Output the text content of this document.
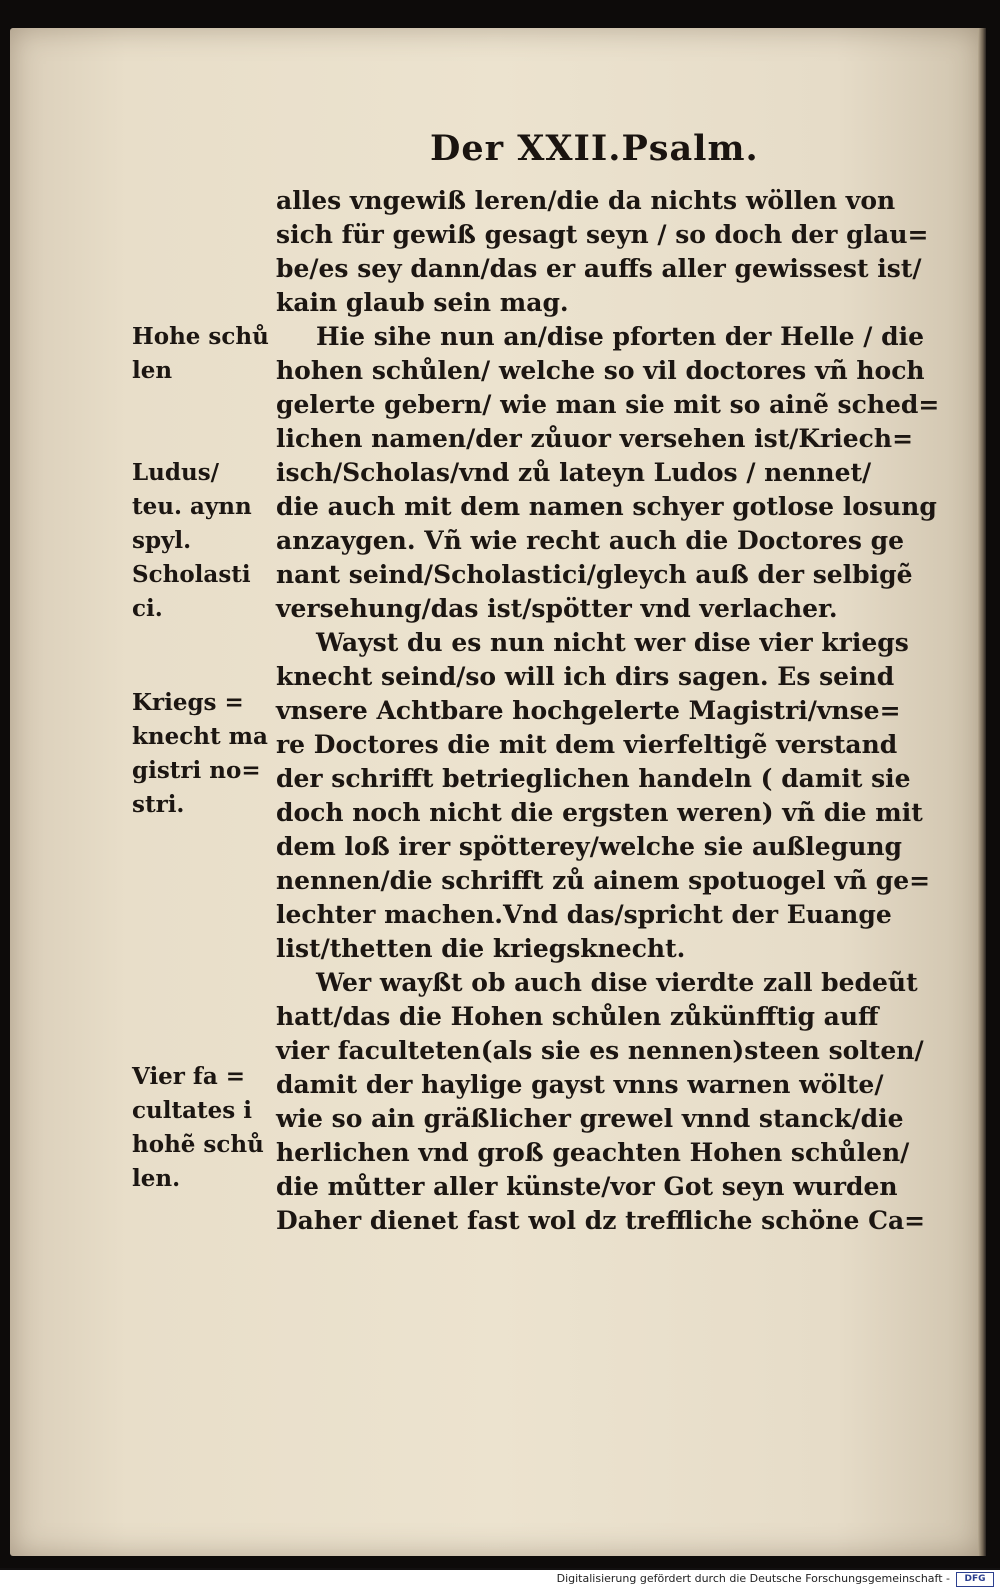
Der XXII.Psalm.
alles vngewiß leren/die da nichts wöllen von
sich für gewiß gesagt seyn / so doch der glau=
be/es sey dann/das er auffs aller gewissest ist/
kain glaub sein mag.
Hie sihe nun an/dise pforten der Helle / die
hohen schůlen/ welche so vil doctores vñ hoch
gelerte gebern/ wie man sie mit so ainẽ sched=
lichen namen/der zůuor versehen ist/Kriech=
isch/Scholas/vnd zů lateyn Ludos / nennet/
die auch mit dem namen schyer gotlose losung
anzaygen. Vñ wie recht auch die Doctores ge
nant seind/Scholastici/gleych auß der selbigẽ
versehung/das ist/spötter vnd verlacher.
Wayst du es nun nicht wer dise vier kriegs
knecht seind/so will ich dirs sagen. Es seind
vnsere Achtbare hochgelerte Magistri/vnse=
re Doctores die mit dem vierfeltigẽ verstand
der schrifft betrieglichen handeln ( damit sie
doch noch nicht die ergsten weren) vñ die mit
dem loß irer spötterey/welche sie außlegung
nennen/die schrifft zů ainem spotuogel vñ ge=
lechter machen.Vnd das/spricht der Euange
list/thetten die kriegsknecht.
Wer wayßt ob auch dise vierdte zall bedeũt
hatt/das die Hohen schůlen zůkünfftig auff
vier faculteten(als sie es nennen)steen solten/
damit der haylige gayst vnns warnen wölte/
wie so ain gräßlicher grewel vnnd stanck/die
herlichen vnd groß geachten Hohen schůlen/
die můtter aller künste/vor Got seyn wurden
Daher dienet fast wol dz treffliche schöne Ca=
Hohe schů
len
Ludus/
teu. aynn
spyl.
Scholasti
ci.
Kriegs =
knecht ma
gistri no=
stri.
Vier fa =
cultates i
hohẽ schů
len.
Digitalisierung gefördert durch die Deutsche Forschungsgemeinschaft -	DFG
